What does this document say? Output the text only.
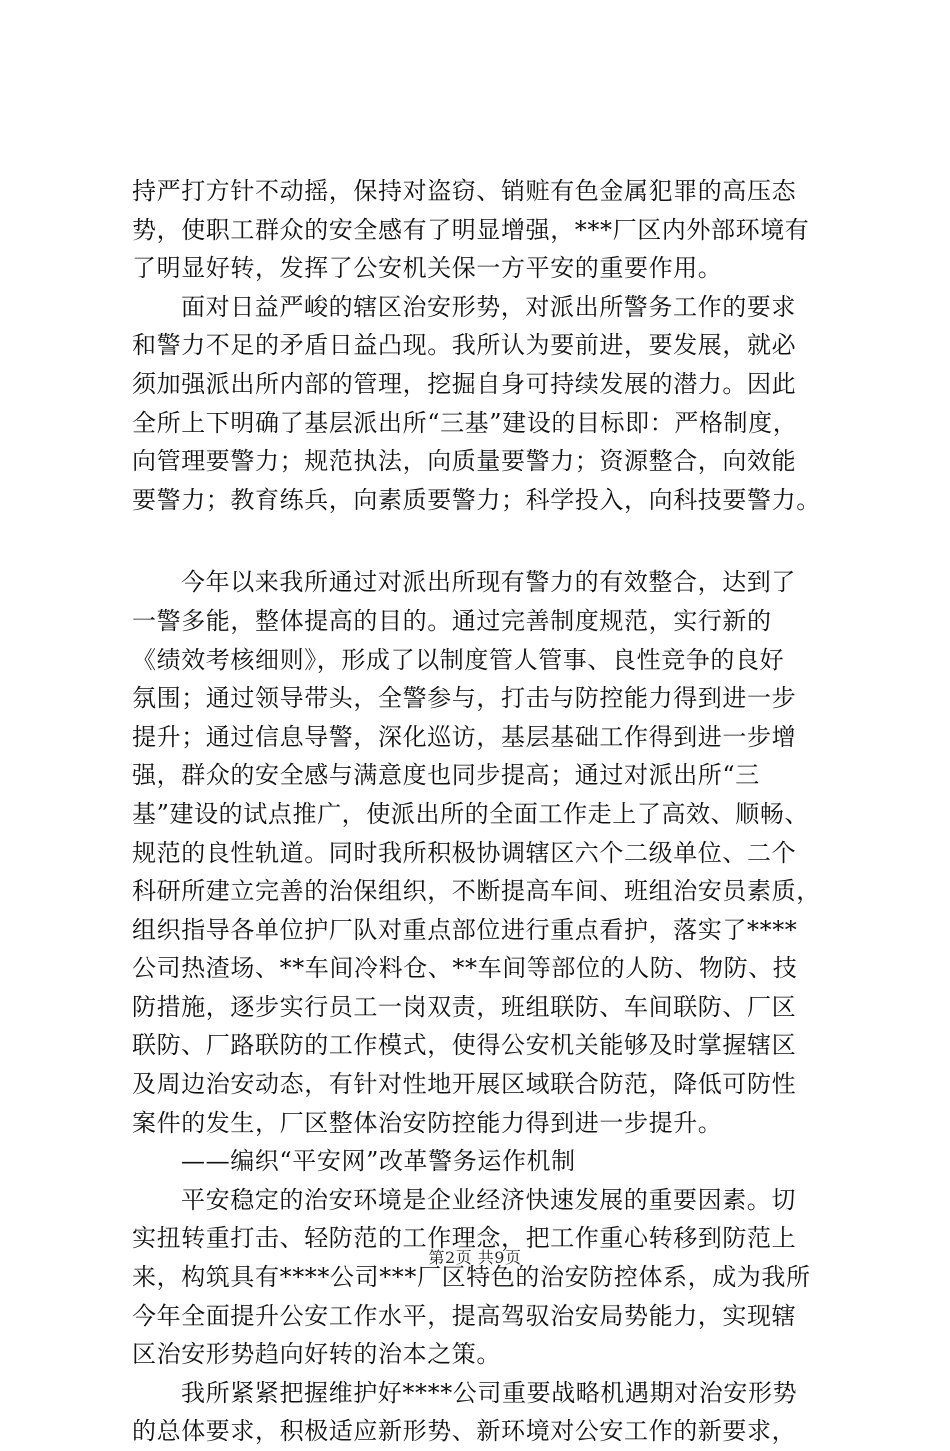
持严打方针不动摇，保持对盗窃、销赃有色金属犯罪的高压态
势，使职工群众的安全感有了明显增强，***厂区内外部环境有
了明显好转，发挥了公安机关保一方平安的重要作用。
面对日益严峻的辖区治安形势，对派出所警务工作的要求
和警力不足的矛盾日益凸现。我所认为要前进，要发展，就必
须加强派出所内部的管理，挖掘自身可持续发展的潜力。因此
全所上下明确了基层派出所“三基”建设的目标即：严格制度，
向管理要警力；规范执法，向质量要警力；资源整合，向效能
要警力；教育练兵，向素质要警力；科学投入，向科技要警力。
今年以来我所通过对派出所现有警力的有效整合，达到了
一警多能，整体提高的目的。通过完善制度规范，实行新的
《绩效考核细则》，形成了以制度管人管事、良性竞争的良好
氛围；通过领导带头，全警参与，打击与防控能力得到进一步
提升；通过信息导警，深化巡访，基层基础工作得到进一步增
强，群众的安全感与满意度也同步提高；通过对派出所“三
基”建设的试点推广，使派出所的全面工作走上了高效、顺畅、
规范的良性轨道。同时我所积极协调辖区六个二级单位、二个
科研所建立完善的治保组织，不断提高车间、班组治安员素质，
组织指导各单位护厂队对重点部位进行重点看护，落实了****
公司热渣场、**车间冷料仓、**车间等部位的人防、物防、技
防措施，逐步实行员工一岗双责，班组联防、车间联防、厂区
联防、厂路联防的工作模式，使得公安机关能够及时掌握辖区
及周边治安动态，有针对性地开展区域联合防范，降低可防性
案件的发生，厂区整体治安防控能力得到进一步提升。
——编织“平安网”改革警务运作机制
平安稳定的治安环境是企业经济快速发展的重要因素。切
实扭转重打击、轻防范的工作理念，把工作重心转移到防范上
来，构筑具有****公司***厂区特色的治安防控体系，成为我所
今年全面提升公安工作水平，提高驾驭治安局势能力，实现辖
区治安形势趋向好转的治本之策。
我所紧紧把握维护好****公司重要战略机遇期对治安形势
的总体要求，积极适应新形势、新环境对公安工作的新要求，
第2页 共9页
